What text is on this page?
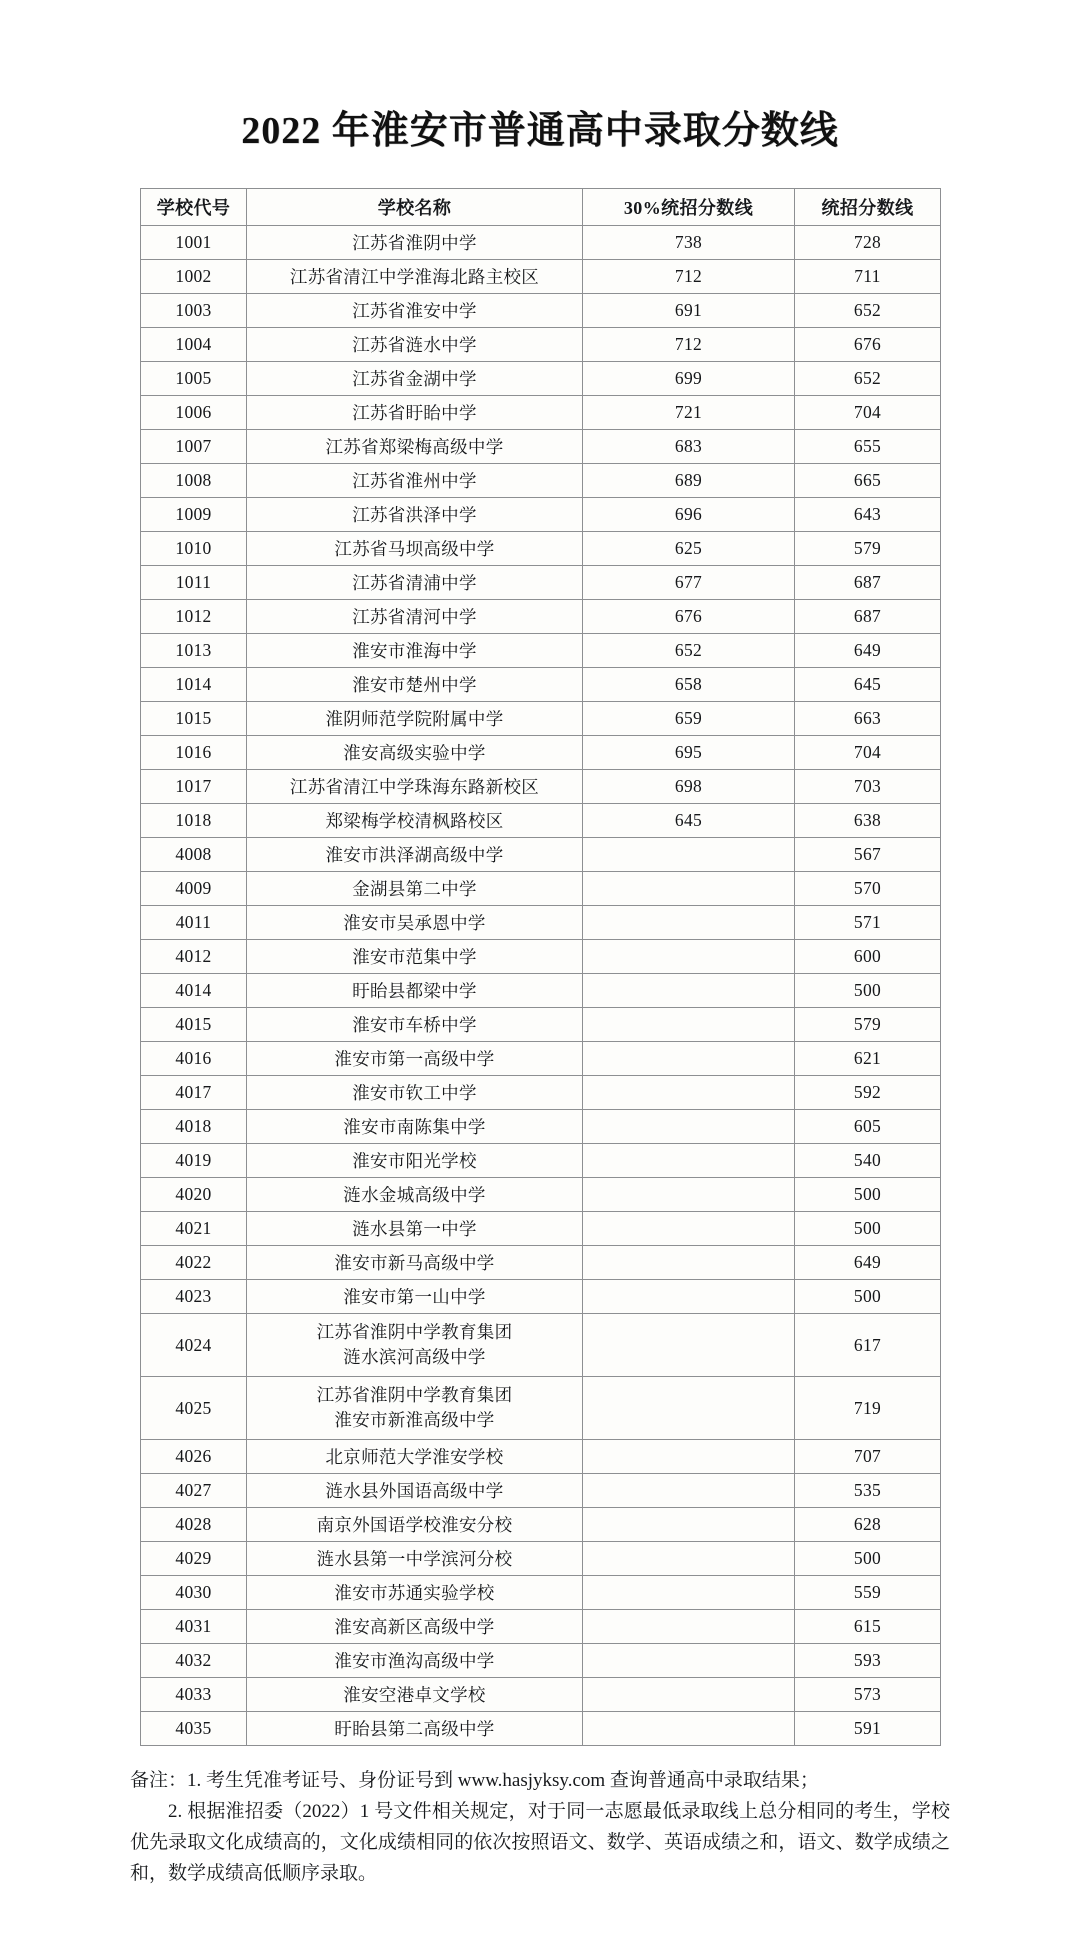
2022 年淮安市普通高中录取分数线
学校代号	学校名称	30%统招分数线	统招分数线
1001	江苏省淮阴中学	738	728
1002	江苏省清江中学淮海北路主校区	712	711
1003	江苏省淮安中学	691	652
1004	江苏省涟水中学	712	676
1005	江苏省金湖中学	699	652
1006	江苏省盱眙中学	721	704
1007	江苏省郑梁梅高级中学	683	655
1008	江苏省淮州中学	689	665
1009	江苏省洪泽中学	696	643
1010	江苏省马坝高级中学	625	579
1011	江苏省清浦中学	677	687
1012	江苏省清河中学	676	687
1013	淮安市淮海中学	652	649
1014	淮安市楚州中学	658	645
1015	淮阴师范学院附属中学	659	663
1016	淮安高级实验中学	695	704
1017	江苏省清江中学珠海东路新校区	698	703
1018	郑梁梅学校清枫路校区	645	638
4008	淮安市洪泽湖高级中学		567
4009	金湖县第二中学		570
4011	淮安市吴承恩中学		571
4012	淮安市范集中学		600
4014	盱眙县都梁中学		500
4015	淮安市车桥中学		579
4016	淮安市第一高级中学		621
4017	淮安市钦工中学		592
4018	淮安市南陈集中学		605
4019	淮安市阳光学校		540
4020	涟水金城高级中学		500
4021	涟水县第一中学		500
4022	淮安市新马高级中学		649
4023	淮安市第一山中学		500
4024	江苏省淮阴中学教育集团
涟水滨河高级中学		617
4025	江苏省淮阴中学教育集团
淮安市新淮高级中学		719
4026	北京师范大学淮安学校		707
4027	涟水县外国语高级中学		535
4028	南京外国语学校淮安分校		628
4029	涟水县第一中学滨河分校		500
4030	淮安市苏通实验学校		559
4031	淮安高新区高级中学		615
4032	淮安市渔沟高级中学		593
4033	淮安空港卓文学校		573
4035	盱眙县第二高级中学		591

备注：1. 考生凭准考证号、身份证号到 www.hasjyksy.com 查询普通高中录取结果；

2. 根据淮招委（2022）1 号文件相关规定，对于同一志愿最低录取线上总分相同的考生，学校优先录取文化成绩高的，文化成绩相同的依次按照语文、数学、英语成绩之和，语文、数学成绩之和，数学成绩高低顺序录取。
